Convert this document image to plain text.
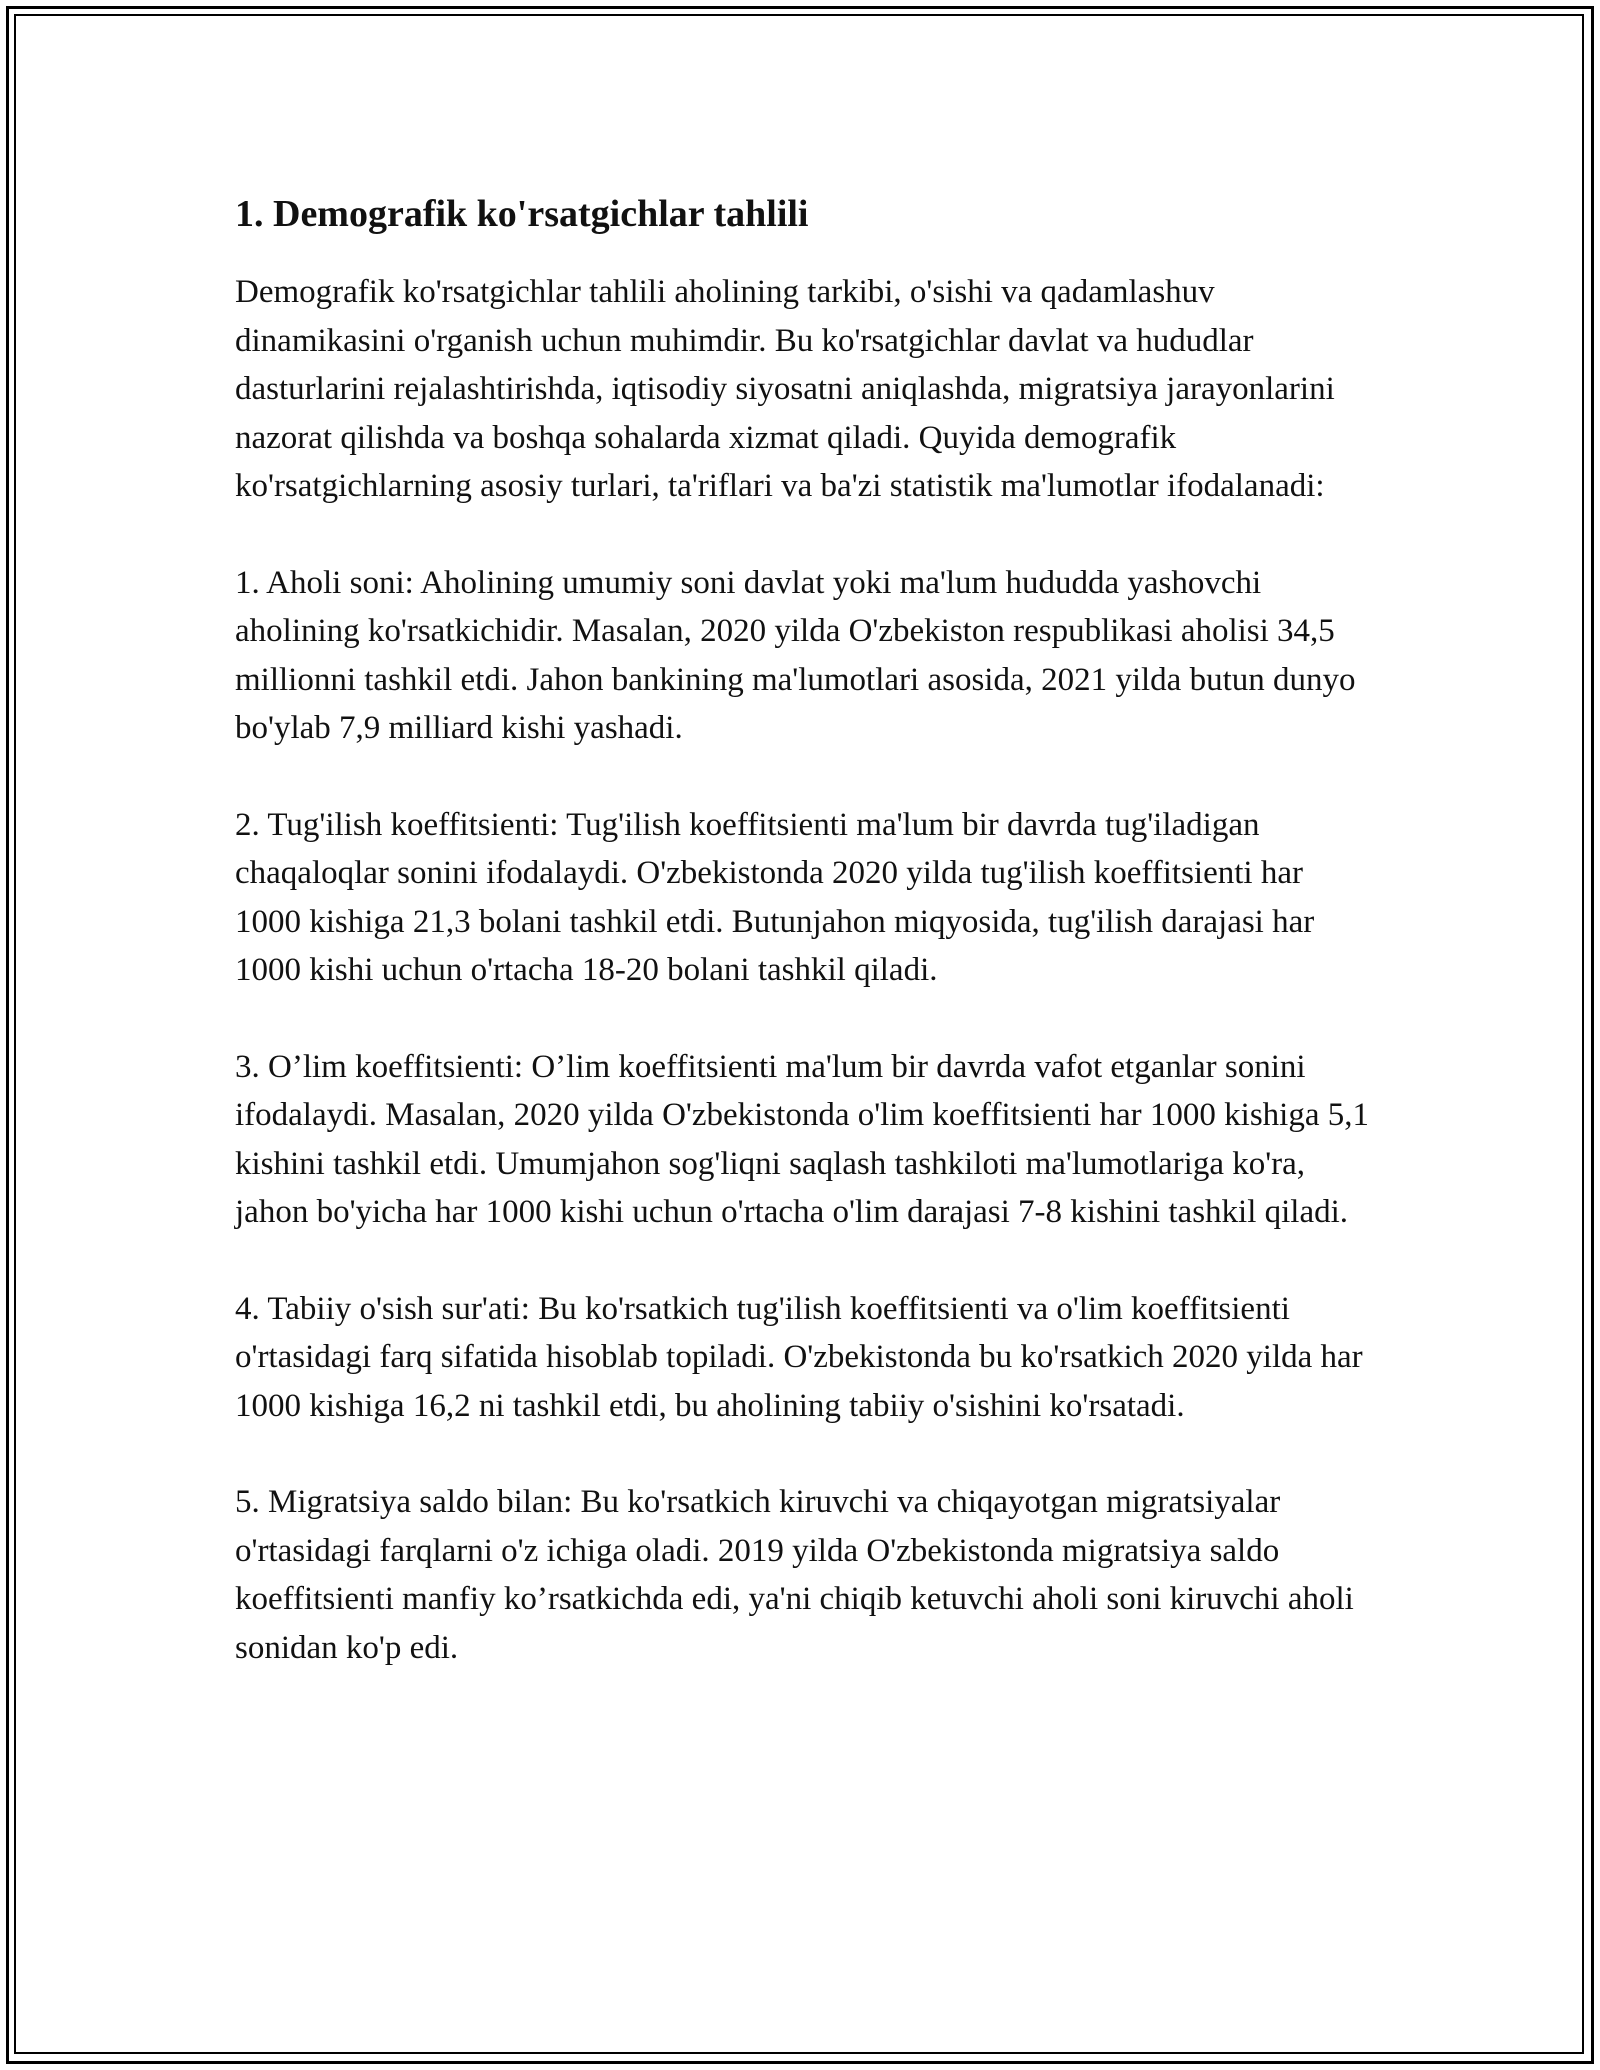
1. Demografik ko'rsatgichlar tahlili

Demografik ko'rsatgichlar tahlili aholining tarkibi, o'sishi va qadamlashuv dinamikasini o'rganish uchun muhimdir. Bu ko'rsatgichlar davlat va hududlar dasturlarini rejalashtirishda, iqtisodiy siyosatni aniqlashda, migratsiya jarayonlarini nazorat qilishda va boshqa sohalarda xizmat qiladi. Quyida demografik ko'rsatgichlarning asosiy turlari, ta'riflari va ba'zi statistik ma'lumotlar ifodalanadi:

1. Aholi soni: Aholining umumiy soni davlat yoki ma'lum hududda yashovchi aholining ko'rsatkichidir. Masalan, 2020 yilda O'zbekiston respublikasi aholisi 34,5 millionni tashkil etdi. Jahon bankining ma'lumotlari asosida, 2021 yilda butun dunyo bo'ylab 7,9 milliard kishi yashadi.

2. Tug'ilish koeffitsienti: Tug'ilish koeffitsienti ma'lum bir davrda tug'iladigan chaqaloqlar sonini ifodalaydi. O'zbekistonda 2020 yilda tug'ilish koeffitsienti har 1000 kishiga 21,3 bolani tashkil etdi. Butunjahon miqyosida, tug'ilish darajasi har 1000 kishi uchun o'rtacha 18-20 bolani tashkil qiladi.

3. O’lim koeffitsienti: O’lim koeffitsienti ma'lum bir davrda vafot etganlar sonini ifodalaydi. Masalan, 2020 yilda O'zbekistonda o'lim koeffitsienti har 1000 kishiga 5,1 kishini tashkil etdi. Umumjahon sog'liqni saqlash tashkiloti ma'lumotlariga ko'ra, jahon bo'yicha har 1000 kishi uchun o'rtacha o'lim darajasi 7-8 kishini tashkil qiladi.

4. Tabiiy o'sish sur'ati: Bu ko'rsatkich tug'ilish koeffitsienti va o'lim koeffitsienti o'rtasidagi farq sifatida hisoblab topiladi. O'zbekistonda bu ko'rsatkich 2020 yilda har 1000 kishiga 16,2 ni tashkil etdi, bu aholining tabiiy o'sishini ko'rsatadi.

5. Migratsiya saldo bilan: Bu ko'rsatkich kiruvchi va chiqayotgan migratsiyalar o'rtasidagi farqlarni o'z ichiga oladi. 2019 yilda O'zbekistonda migratsiya saldo koeffitsienti manfiy ko’rsatkichda edi, ya'ni chiqib ketuvchi aholi soni kiruvchi aholi sonidan ko'p edi.
